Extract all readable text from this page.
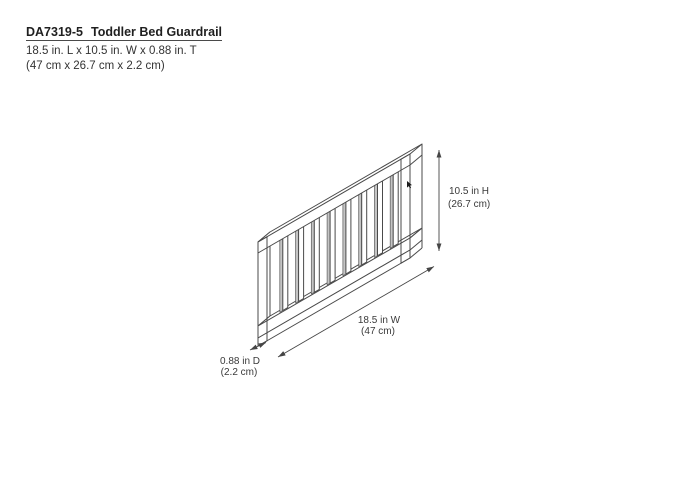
DA7319-5 Toddler Bed Guardrail
18.5 in. L x 10.5 in. W x 0.88 in. T
(47 cm x 26.7 cm x 2.2 cm)
10.5 in H
(26.7 cm)
18.5 in W
(47 cm)
0.88 in D
(2.2 cm)
